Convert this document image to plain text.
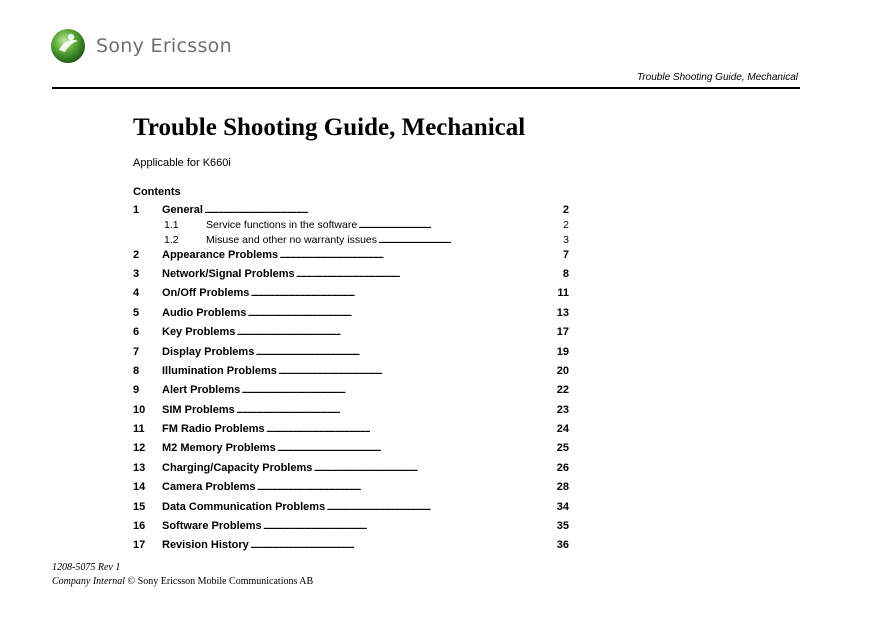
Sony Ericsson
Trouble Shooting Guide, Mechanical
Trouble Shooting Guide, Mechanical
Applicable for K660i
Contents
1 General . . .	2
1.1	Service functions in the software . . .	2
1.2	Misuse and other no warranty issues . . .	3
2 Appearance Problems . . .	7
3 Network/Signal Problems . . .	8
4 On/Off Problems . . .	11
5 Audio Problems . . .	13
6 Key Problems . . .	17
7 Display Problems . . .	19
8 Illumination Problems . . .	20
9 Alert Problems . . .	22
10 SIM Problems . . .	23
11 FM Radio Problems . . .	24
12 M2 Memory Problems . . .	25
13 Charging/Capacity Problems . . .	26
14 Camera Problems . . .	28
15 Data Communication Problems . . .	34
16 Software Problems . . .	35
17 Revision History . . .	36
1208-5075 Rev 1
Company Internal © Sony Ericsson Mobile Communications AB
